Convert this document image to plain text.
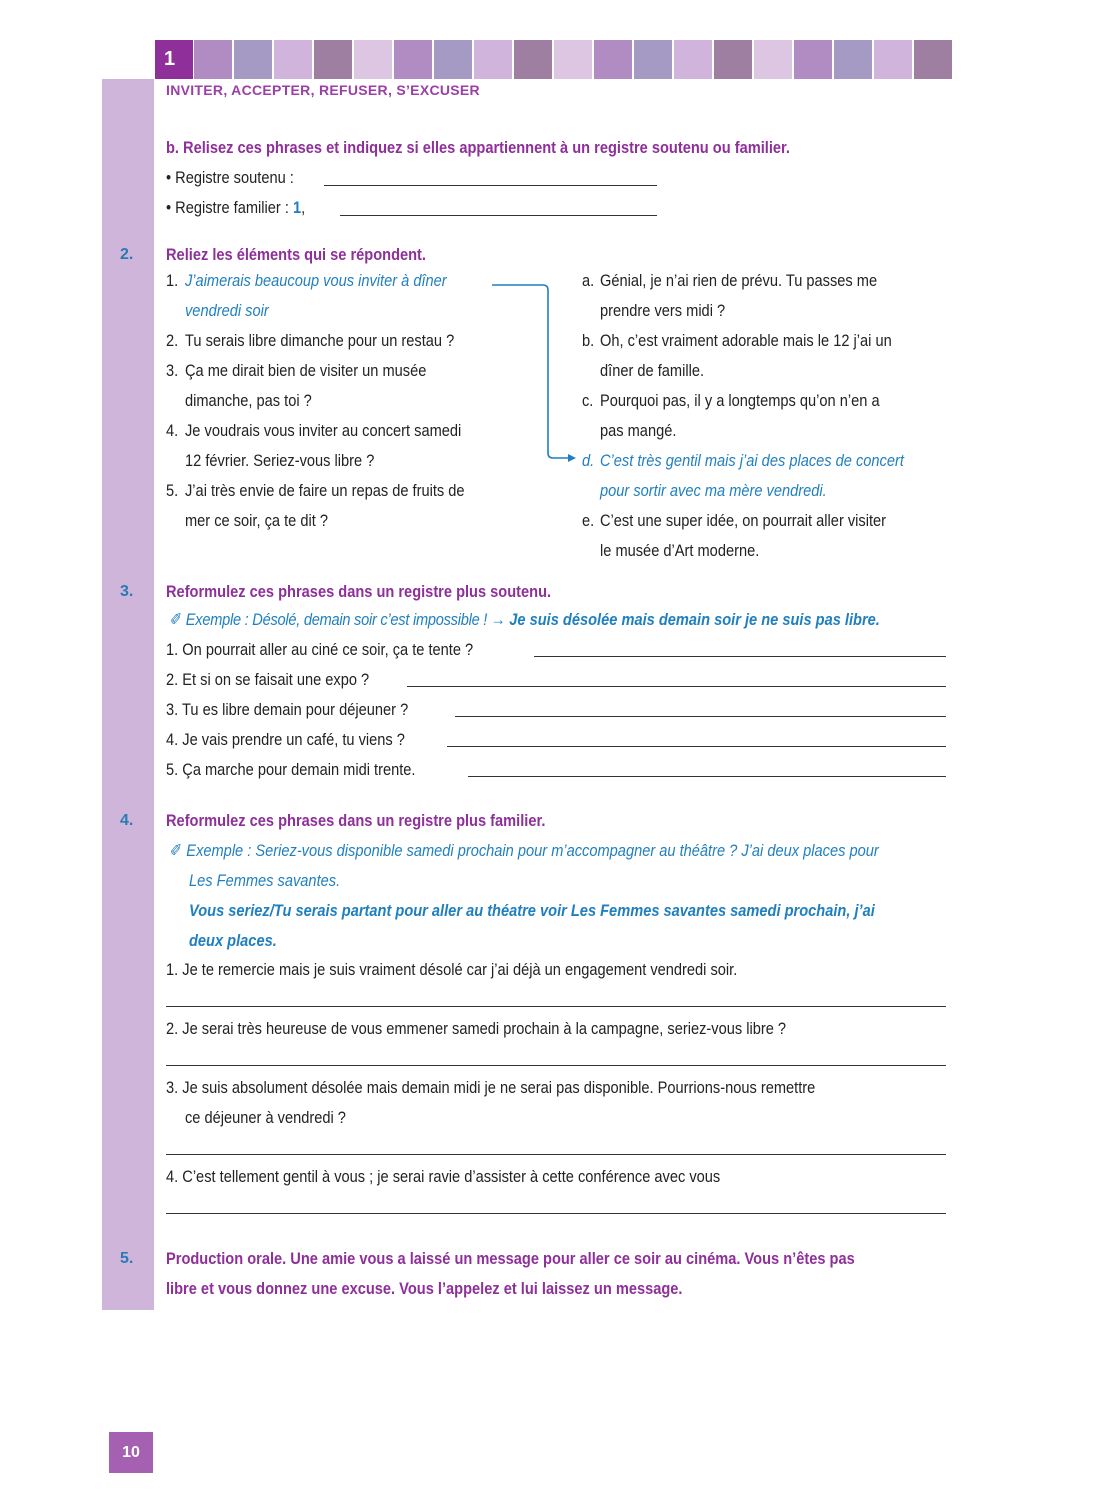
1
INVITER, ACCEPTER, REFUSER, S’EXCUSER
b. Relisez ces phrases et indiquez si elles appartiennent à un registre soutenu ou familier.
• Registre soutenu :
• Registre familier : 1,
2. Reliez les éléments qui se répondent.
1. J’aimerais beaucoup vous inviter à dîner
vendredi soir
2. Tu serais libre dimanche pour un restau ?
3. Ça me dirait bien de visiter un musée
dimanche, pas toi ?
4. Je voudrais vous inviter au concert samedi
12 février. Seriez-vous libre ?
5. J’ai très envie de faire un repas de fruits de
mer ce soir, ça te dit ?
a. Génial, je n’ai rien de prévu. Tu passes me
prendre vers midi ?
b. Oh, c’est vraiment adorable mais le 12 j’ai un
dîner de famille.
c. Pourquoi pas, il y a longtemps qu’on n’en a
pas mangé.
d. C’est très gentil mais j’ai des places de concert
pour sortir avec ma mère vendredi.
e. C’est une super idée, on pourrait aller visiter
le musée d’Art moderne.
3. Reformulez ces phrases dans un registre plus soutenu.
✐ Exemple : Désolé, demain soir c’est impossible ! → Je suis désolée mais demain soir je ne suis pas libre.
1. On pourrait aller au ciné ce soir, ça te tente ?
2. Et si on se faisait une expo ?
3. Tu es libre demain pour déjeuner ?
4. Je vais prendre un café, tu viens ?
5. Ça marche pour demain midi trente.
4. Reformulez ces phrases dans un registre plus familier.
✐ Exemple : Seriez-vous disponible samedi prochain pour m’accompagner au théâtre ? J’ai deux places pour
Les Femmes savantes.
Vous seriez/Tu serais partant pour aller au théatre voir Les Femmes savantes samedi prochain, j’ai
deux places.
1. Je te remercie mais je suis vraiment désolé car j’ai déjà un engagement vendredi soir.
2. Je serai très heureuse de vous emmener samedi prochain à la campagne, seriez-vous libre ?
3. Je suis absolument désolée mais demain midi je ne serai pas disponible. Pourrions-nous remettre
ce déjeuner à vendredi ?
4. C’est tellement gentil à vous ; je serai ravie d’assister à cette conférence avec vous
5. Production orale. Une amie vous a laissé un message pour aller ce soir au cinéma. Vous n’êtes pas
libre et vous donnez une excuse. Vous l’appelez et lui laissez un message.
10
